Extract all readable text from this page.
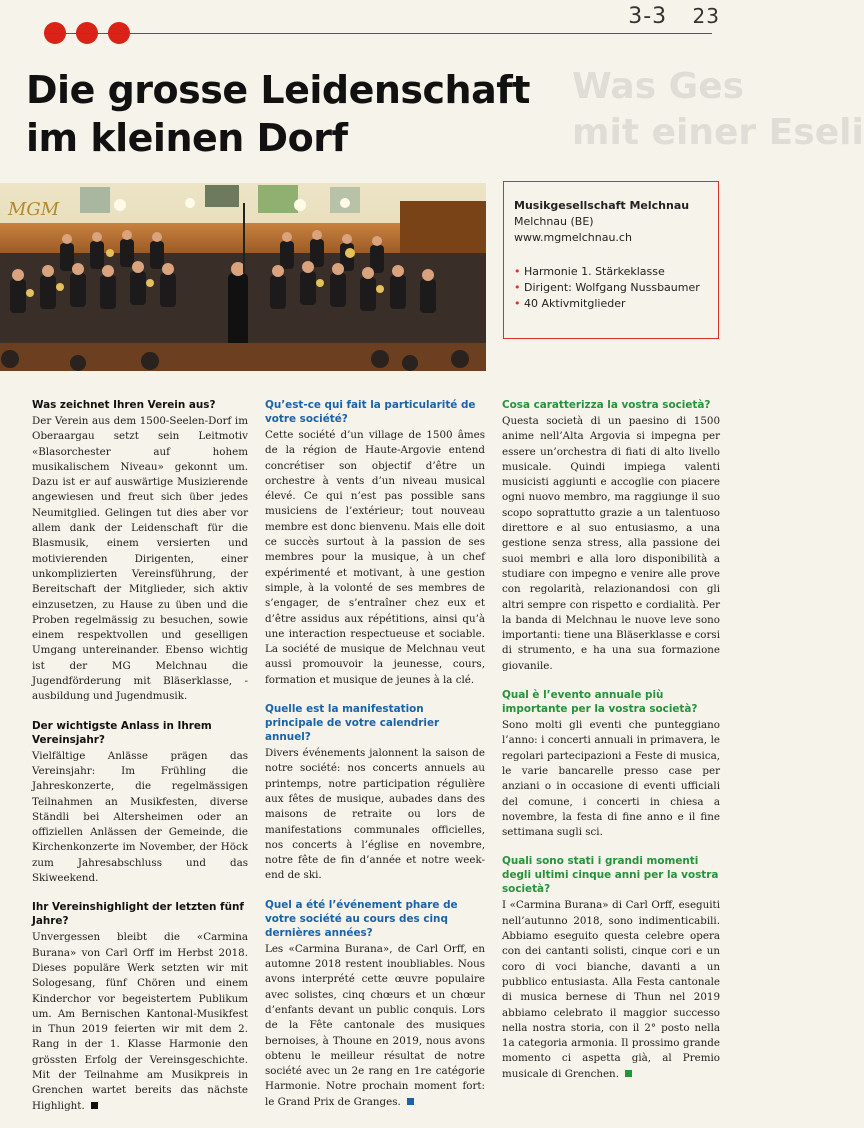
3-3 23
Was Ges
mit einer Eseli
Die grosse Leidenschaft
im kleinen Dorf
MGM	Musikgesellschaft Melchnau
Melchnau (BE)
www.mgmelchnau.ch
• Harmonie 1. Stärkeklasse
• Dirigent: Wolfgang Nussbaumer
• 40 Aktivmitglieder
Was zeichnet Ihren Verein aus?
Der Verein aus dem 1500-Seelen-Dorf im Oberaargau setzt sein Leitmotiv «Blasorchester auf hohem musikalischem Niveau» gekonnt um. Dazu ist er auf auswärtige Musizierende angewiesen und freut sich über jedes Neumitglied. Gelingen tut dies aber vor allem dank der Leidenschaft für die Blasmusik, einem versierten und motivierenden Dirigenten, einer unkomplizierten Vereinsführung, der Bereitschaft der Mitglieder, sich aktiv einzusetzen, zu Hause zu üben und die Proben regelmässig zu besuchen, sowie einem respektvollen und geselligen Umgang untereinander. Ebenso wichtig ist der MG Melchnau die Jugendförderung mit Bläserklasse, -ausbildung und Jugendmusik.
Der wichtigste Anlass in Ihrem Vereinsjahr?
Vielfältige Anlässe prägen das Vereinsjahr: Im Frühling die Jahreskonzerte, die regelmässigen Teilnahmen an Musikfesten, diverse Ständli bei Altersheimen oder an offiziellen Anlässen der Gemeinde, die Kirchenkonzerte im November, der Höck zum Jahresabschluss und das Skiweekend.
Ihr Vereinshighlight der letzten fünf Jahre?
Unvergessen bleibt die «Carmina Burana» von Carl Orff im Herbst 2018. Dieses populäre Werk setzten wir mit Sologesang, fünf Chören und einem Kinderchor vor begeistertem Publikum um. Am Bernischen Kantonal-Musikfest in Thun 2019 feierten wir mit dem 2. Rang in der 1. Klasse Harmonie den grössten Erfolg der Vereinsgeschichte. Mit der Teilnahme am Musikpreis in Grenchen wartet bereits das nächste Highlight.
Qu’est-ce qui fait la particularité de votre société?
Cette société d’un village de 1500 âmes de la région de Haute-Argovie entend concrétiser son objectif d’être un orchestre à vents d’un niveau musical élevé. Ce qui n’est pas possible sans musiciens de l’extérieur; tout nouveau membre est donc bienvenu. Mais elle doit ce succès surtout à la passion de ses membres pour la musique, à un chef expérimenté et motivant, à une gestion simple, à la volonté de ses membres de s’engager, de s’entraîner chez eux et d’être assidus aux répétitions, ainsi qu’à une interaction respectueuse et sociable. La société de musique de Melchnau veut aussi promouvoir la jeunesse, cours, formation et musique de jeunes à la clé.
Quelle est la manifestation principale de votre calendrier annuel?
Divers événements jalonnent la saison de notre société: nos concerts annuels au printemps, notre participation régulière aux fêtes de musique, aubades dans des maisons de retraite ou lors de manifestations communales officielles, nos concerts à l’église en novembre, notre fête de fin d’année et notre week-end de ski.
Quel a été l’événement phare de votre société au cours des cinq dernières années?
Les «Carmina Burana», de Carl Orff, en automne 2018 restent inoubliables. Nous avons interprété cette œuvre populaire avec solistes, cinq chœurs et un chœur d’enfants devant un public conquis. Lors de la Fête cantonale des musiques bernoises, à Thoune en 2019, nous avons obtenu le meilleur résultat de notre société avec un 2e rang en 1re catégorie Harmonie. Notre prochain moment fort: le Grand Prix de Granges.
Cosa caratterizza la vostra società?
Questa società di un paesino di 1500 anime nell’Alta Argovia si impegna per essere un’orchestra di fiati di alto livello musicale. Quindi impiega valenti musicisti aggiunti e accoglie con piacere ogni nuovo membro, ma raggiunge il suo scopo soprattutto grazie a un talentuoso direttore e al suo entusiasmo, a una gestione senza stress, alla passione dei suoi membri e alla loro disponibilità a studiare con impegno e venire alle prove con regolarità, relazionandosi con gli altri sempre con rispetto e cordialità. Per la banda di Melchnau le nuove leve sono importanti: tiene una Bläserklasse e corsi di strumento, e ha una sua formazione giovanile.
Qual è l’evento annuale più importante per la vostra società?
Sono molti gli eventi che punteggiano l’anno: i concerti annuali in primavera, le regolari partecipazioni a Feste di musica, le varie bancarelle presso case per anziani o in occasione di eventi ufficiali del comune, i concerti in chiesa a novembre, la festa di fine anno e il fine settimana sugli sci.
Quali sono stati i grandi momenti degli ultimi cinque anni per la vostra società?
I «Carmina Burana» di Carl Orff, eseguiti nell’autunno 2018, sono indimenticabili. Abbiamo eseguito questa celebre opera con dei cantanti solisti, cinque cori e un coro di voci bianche, davanti a un pubblico entusiasta. Alla Festa cantonale di musica bernese di Thun nel 2019 abbiamo celebrato il maggior successo nella nostra storia, con il 2° posto nella 1a categoria armonia. Il prossimo grande momento ci aspetta già, al Premio musicale di Grenchen.
